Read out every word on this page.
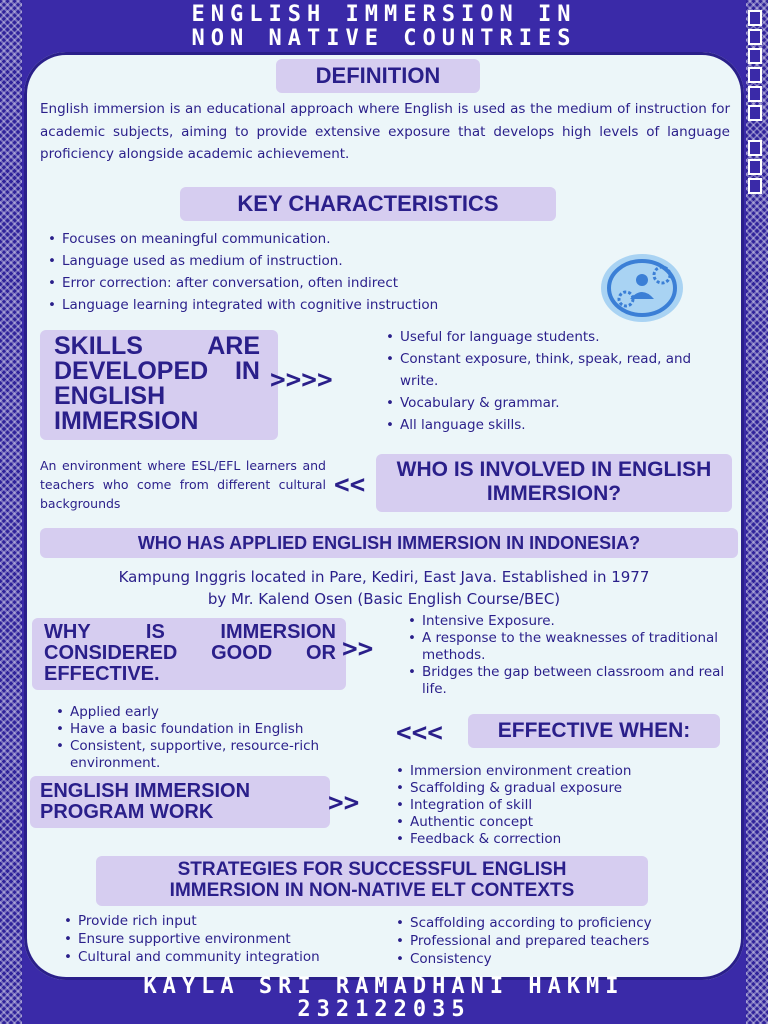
ENGLISH IMMERSION IN
NON NATIVE COUNTRIES
DEFINITION
English immersion is an educational approach where English is used as the medium of instruction for academic subjects, aiming to provide extensive exposure that develops high levels of language proficiency alongside academic achievement.
KEY CHARACTERISTICS
• Focuses on meaningful communication.
• Language used as medium of instruction.
• Error correction: after conversation, often indirect
• Language learning integrated with cognitive instruction
SKILLS ARE DEVELOPED IN ENGLISH IMMERSION
>>>>
• Useful for language students.
• Constant exposure, think, speak, read, and write.
• Vocabulary & grammar.
• All language skills.
An environment where ESL/EFL learners and teachers who come from different cultural backgrounds
<<
WHO IS INVOLVED IN ENGLISH IMMERSION?
WHO HAS APPLIED ENGLISH IMMERSION IN INDONESIA?
Kampung Inggris located in Pare, Kediri, East Java. Established in 1977
by Mr. Kalend Osen (Basic English Course/BEC)
WHY IS IMMERSION CONSIDERED GOOD OR EFFECTIVE.
>>
• Intensive Exposure.
• A response to the weaknesses of traditional methods.
• Bridges the gap between classroom and real life.
• Applied early
• Have a basic foundation in English
• Consistent, supportive, resource-rich environment.
<<<	EFFECTIVE WHEN:
ENGLISH IMMERSION PROGRAM WORK	>>
• Immersion environment creation
• Scaffolding & gradual exposure
• Integration of skill
• Authentic concept
• Feedback & correction
STRATEGIES FOR SUCCESSFUL ENGLISH
IMMERSION IN NON-NATIVE ELT CONTEXTS
• Provide rich input
• Ensure supportive environment
• Cultural and community integration
• Scaffolding according to proficiency
• Professional and prepared teachers
• Consistency
KAYLA SRI RAMADHANI HAKMI
232122035
